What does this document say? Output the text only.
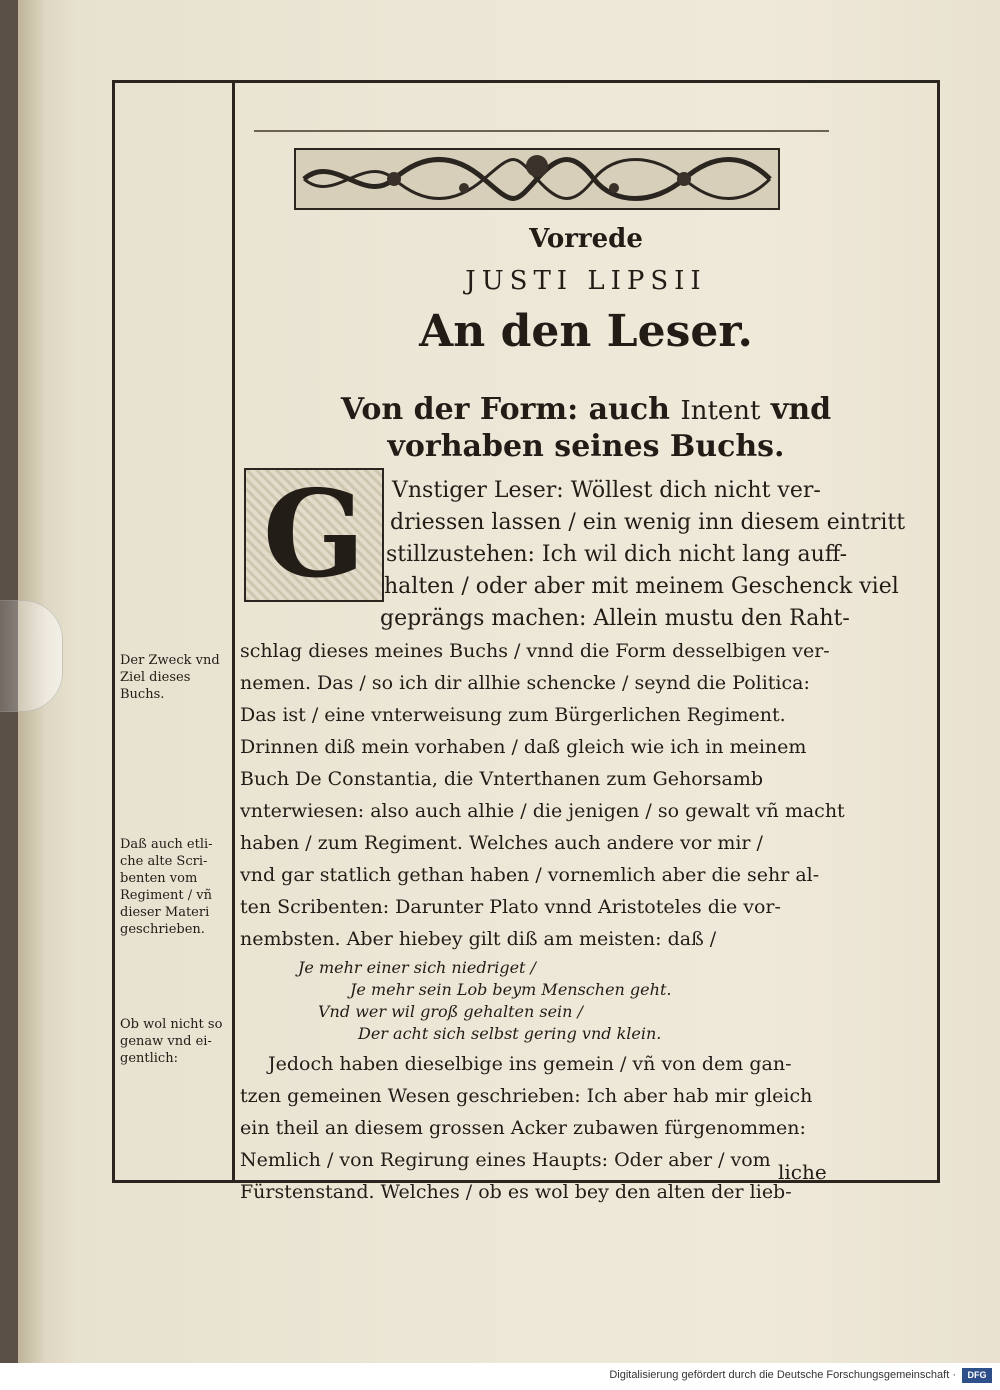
Vorrede
JUSTI LIPSII
An den Leser.
Von der Form: auch Intent vnd
vorhaben seines Buchs.
G Vnstiger Leser: Wöllest dich nicht ver-
driessen lassen / ein wenig inn diesem eintritt
stillzustehen: Ich wil dich nicht lang auff-
halten / oder aber mit meinem Geschenck viel
geprängs machen: Allein mustu den Raht-
schlag dieses meines Buchs / vnnd die Form desselbigen ver-
nemen. Das / so ich dir allhie schencke / seynd die Politica:
Das ist / eine vnterweisung zum Bürgerlichen Regiment.
Drinnen diß mein vorhaben / daß gleich wie ich in meinem
Buch De Constantia, die Vnterthanen zum Gehorsamb
vnterwiesen: also auch alhie / die jenigen / so gewalt vñ macht
haben / zum Regiment. Welches auch andere vor mir /
vnd gar statlich gethan haben / vornemlich aber die sehr al-
ten Scribenten: Darunter Plato vnnd Aristoteles die vor-
nembsten. Aber hiebey gilt diß am meisten: daß /
Je mehr einer sich niedriget /
Je mehr sein Lob beym Menschen geht.
Vnd wer wil groß gehalten sein /
Der acht sich selbst gering vnd klein.
Jedoch haben dieselbige ins gemein / vñ von dem gan-
tzen gemeinen Wesen geschrieben: Ich aber hab mir gleich
ein theil an diesem grossen Acker zubawen fürgenommen:
Nemlich / von Regirung eines Haupts: Oder aber / vom
Fürstenstand. Welches / ob es wol bey den alten der lieb-
Der Zweck vnd Ziel dieses Buchs.
Daß auch etli-che alte Scri-benten vom Regiment / vñ dieser Materi geschrieben.
Ob wol nicht so genaw vnd ei-gentlich:
liche
Digitalisierung gefördert durch die Deutsche Forschungsgemeinschaft ·	DFG
